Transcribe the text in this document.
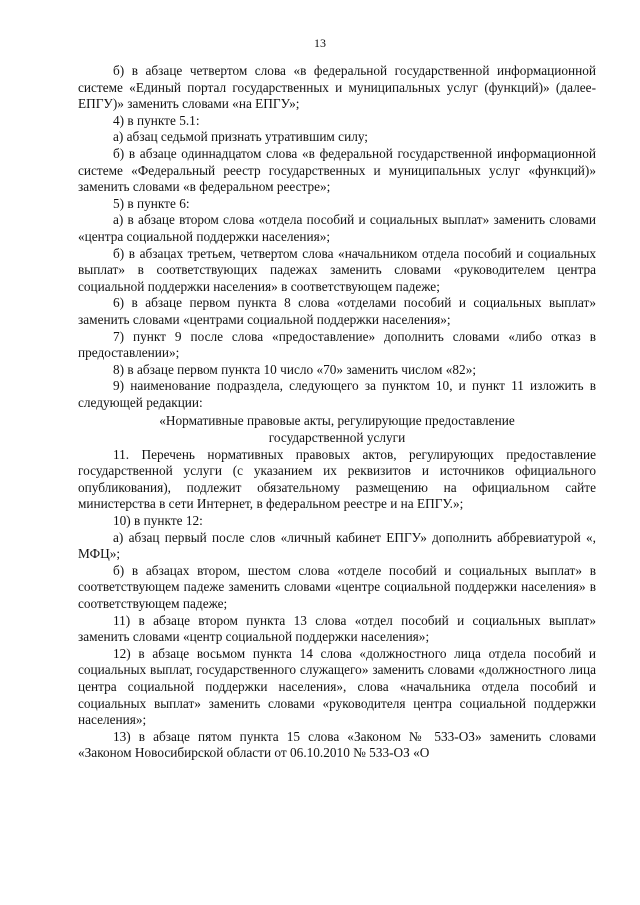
13

б) в абзаце четвертом слова «в федеральной государственной информационной системе «Единый портал государственных и муниципальных услуг (функций)» (далее-ЕПГУ)» заменить словами «на ЕПГУ»;

4) в пункте 5.1:

а) абзац седьмой признать утратившим силу;

б) в абзаце одиннадцатом слова «в федеральной государственной информационной системе «Федеральный реестр государственных и муниципальных услуг «функций)» заменить словами «в федеральном реестре»;

5) в пункте 6:

а) в абзаце втором слова «отдела пособий и социальных выплат» заменить словами «центра социальной поддержки населения»;

б) в абзацах третьем, четвертом слова «начальником отдела пособий и социальных выплат» в соответствующих падежах заменить словами «руководителем центра социальной поддержки населения» в соответствующем падеже;

6) в абзаце первом пункта 8 слова «отделами пособий и социальных выплат» заменить словами «центрами социальной поддержки населения»;

7) пункт 9 после слова «предоставление» дополнить словами «либо отказ в предоставлении»;

8) в абзаце первом пункта 10 число «70» заменить числом «82»;

9) наименование подраздела, следующего за пунктом 10, и пункт 11 изложить в следующей редакции:

«Нормативные правовые акты, регулирующие предоставление
государственной услуги

11. Перечень нормативных правовых актов, регулирующих предоставление государственной услуги (с указанием их реквизитов и источников официального опубликования), подлежит обязательному размещению на официальном сайте министерства в сети Интернет, в федеральном реестре и на ЕПГУ.»;

10) в пункте 12:

а) абзац первый после слов «личный кабинет ЕПГУ» дополнить аббревиатурой «, МФЦ»;

б) в абзацах втором, шестом слова «отделе пособий и социальных выплат» в соответствующем падеже заменить словами «центре социальной поддержки населения» в соответствующем падеже;

11) в абзаце втором пункта 13 слова «отдел пособий и социальных выплат» заменить словами «центр социальной поддержки населения»;

12) в абзаце восьмом пункта 14 слова «должностного лица отдела пособий и социальных выплат, государственного служащего» заменить словами «должностного лица центра социальной поддержки населения», слова «начальника отдела пособий и социальных выплат» заменить словами «руководителя центра социальной поддержки населения»;

13) в абзаце пятом пункта 15 слова «Законом № 533-ОЗ» заменить словами «Законом Новосибирской области от 06.10.2010 № 533-ОЗ «О
